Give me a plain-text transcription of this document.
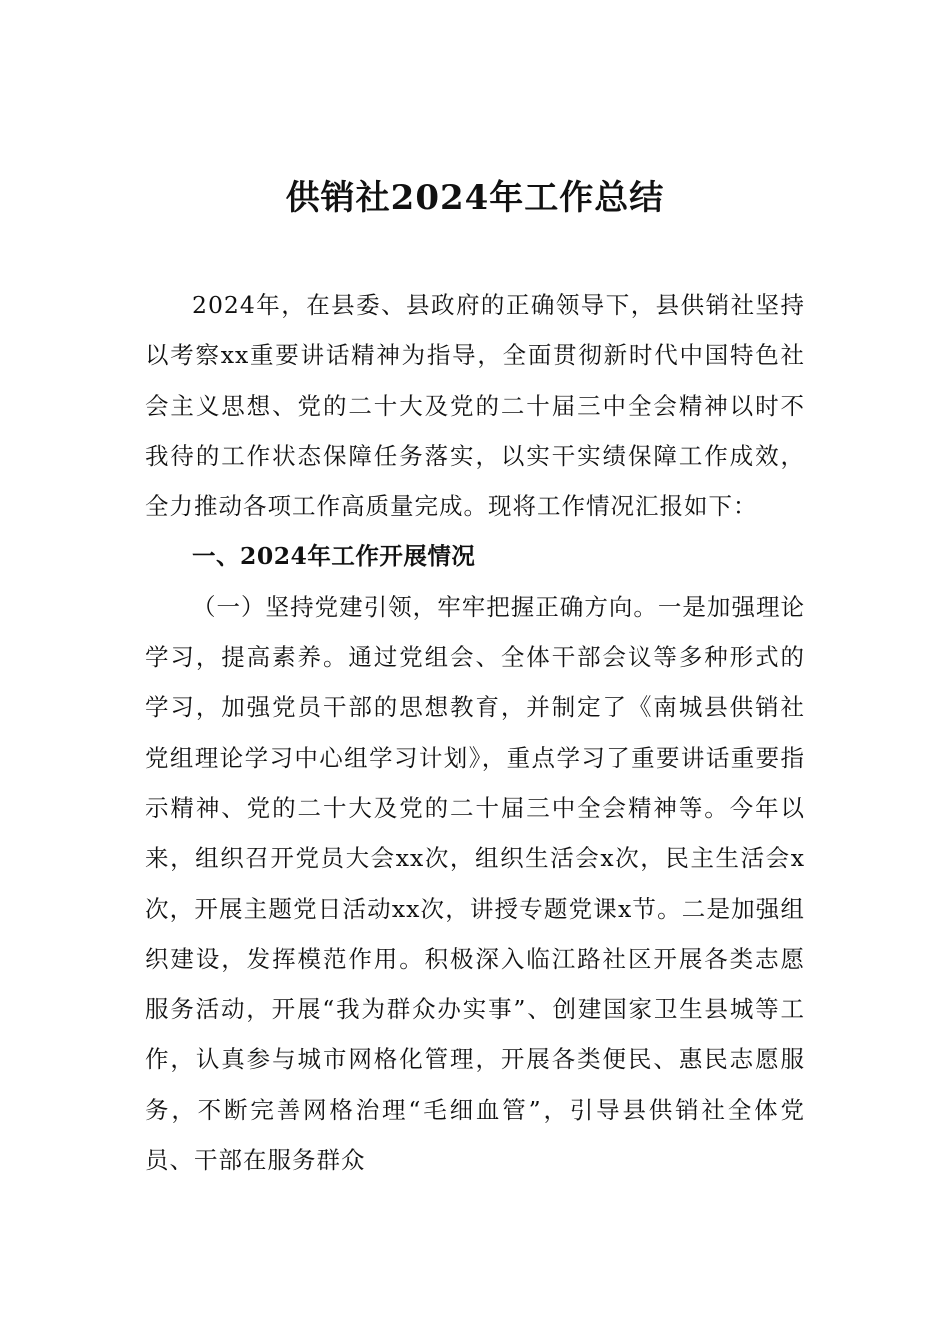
供销社2024年工作总结

2024年，在县委、县政府的正确领导下，县供销社坚持以考察xx重要讲话精神为指导，全面贯彻新时代中国特色社会主义思想、党的二十大及党的二十届三中全会精神以时不我待的工作状态保障任务落实，以实干实绩保障工作成效，全力推动各项工作高质量完成。现将工作情况汇报如下：

一、2024年工作开展情况

（一）坚持党建引领，牢牢把握正确方向。一是加强理论学习，提高素养。通过党组会、全体干部会议等多种形式的学习，加强党员干部的思想教育，并制定了《南城县供销社党组理论学习中心组学习计划》，重点学习了重要讲话重要指示精神、党的二十大及党的二十届三中全会精神等。今年以来，组织召开党员大会xx次，组织生活会x次，民主生活会x次，开展主题党日活动xx次，讲授专题党课x节。二是加强组织建设，发挥模范作用。积极深入临江路社区开展各类志愿服务活动，开展“我为群众办实事”、创建国家卫生县城等工作，认真参与城市网格化管理，开展各类便民、惠民志愿服务，不断完善网格治理“毛细血管”，引导县供销社全体党员、干部在服务群众
